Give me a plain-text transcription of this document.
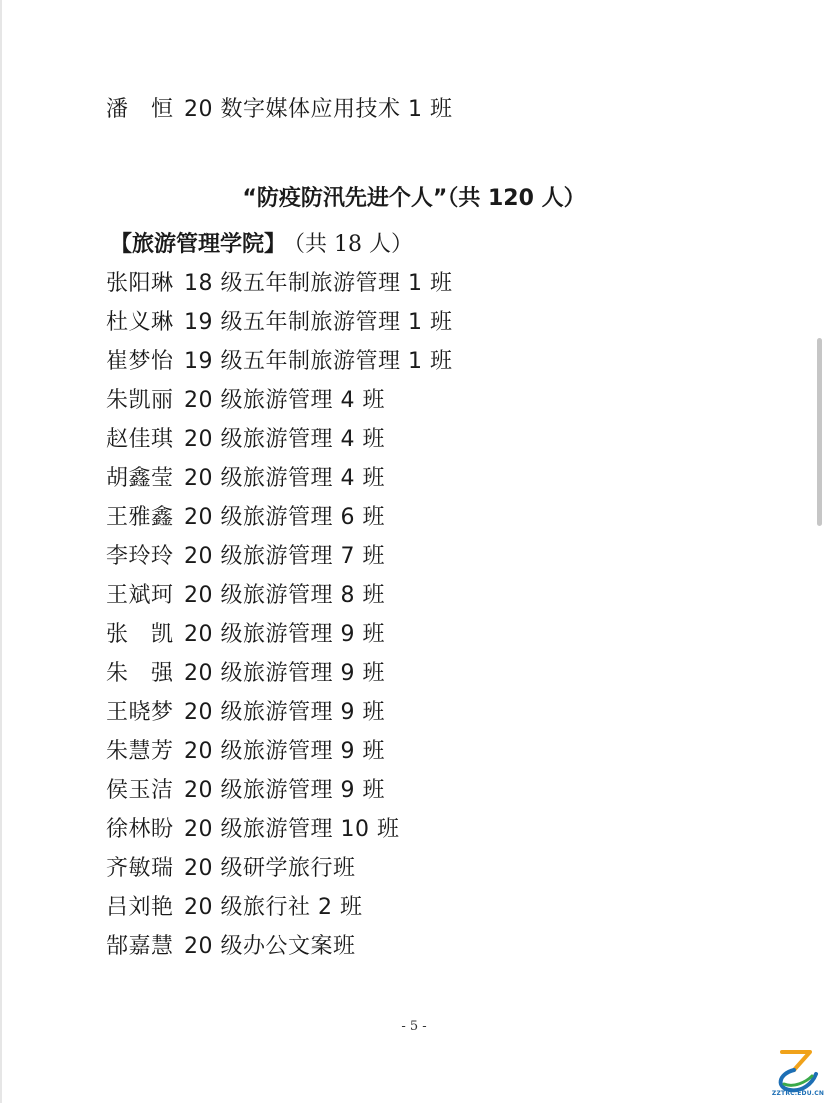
潘　恒 20 数字媒体应用技术 1 班
“防疫防汛先进个人”（共 120 人）
【旅游管理学院】 （共 18 人）
张阳琳 18 级五年制旅游管理 1 班
杜义琳 19 级五年制旅游管理 1 班
崔梦怡 19 级五年制旅游管理 1 班
朱凯丽 20 级旅游管理 4 班
赵佳琪 20 级旅游管理 4 班
胡鑫莹 20 级旅游管理 4 班
王雅鑫 20 级旅游管理 6 班
李玲玲 20 级旅游管理 7 班
王斌珂 20 级旅游管理 8 班
张　凯 20 级旅游管理 9 班
朱　强 20 级旅游管理 9 班
王晓梦 20 级旅游管理 9 班
朱慧芳 20 级旅游管理 9 班
侯玉洁 20 级旅游管理 9 班
徐林盼 20 级旅游管理 10 班
齐敏瑞 20 级研学旅行班
吕刘艳 20 级旅行社 2 班
郜嘉慧 20 级办公文案班
- 5 -
ZZTRC.EDU.CN
